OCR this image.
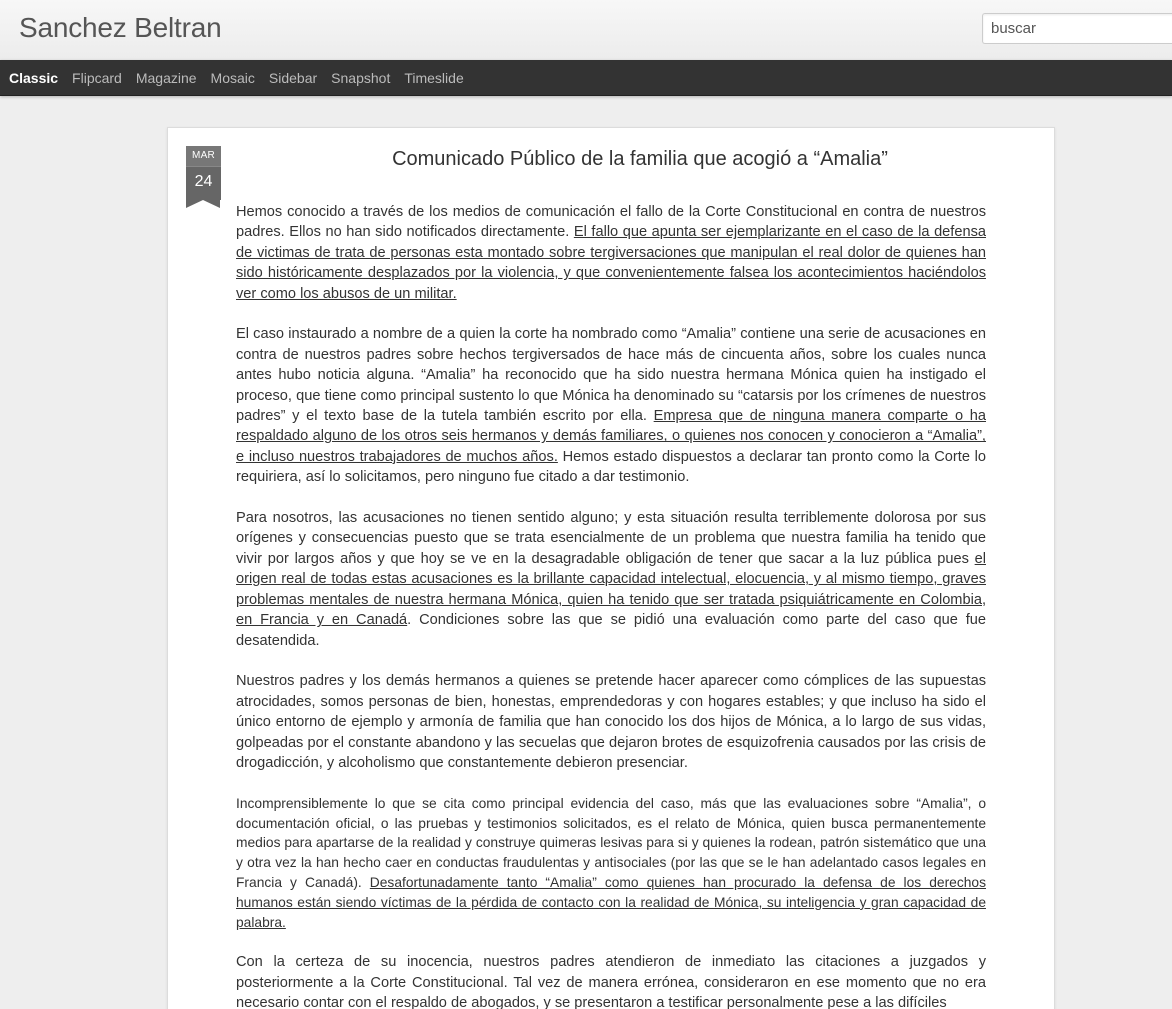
Sanchez Beltran
buscar
Classic Flipcard Magazine Mosaic Sidebar Snapshot Timeslide
MAR
24
Comunicado Público de la familia que acogió a “Amalia”

Hemos conocido a través de los medios de comunicación el fallo de la Corte Constitucional en contra de nuestros padres. Ellos no han sido notificados directamente. El fallo que apunta ser ejemplarizante en el caso de la defensa de victimas de trata de personas esta montado sobre tergiversaciones que manipulan el real dolor de quienes han sido históricamente desplazados por la violencia, y que convenientemente falsea los acontecimientos haciéndolos ver como los abusos de un militar.

El caso instaurado a nombre de a quien la corte ha nombrado como “Amalia” contiene una serie de acusaciones en contra de nuestros padres sobre hechos tergiversados de hace más de cincuenta años, sobre los cuales nunca antes hubo noticia alguna. “Amalia” ha reconocido que ha sido nuestra hermana Mónica quien ha instigado el proceso, que tiene como principal sustento lo que Mónica ha denominado su “catarsis por los crímenes de nuestros padres” y el texto base de la tutela también escrito por ella. Empresa que de ninguna manera comparte o ha respaldado alguno de los otros seis hermanos y demás familiares, o quienes nos conocen y conocieron a “Amalia”, e incluso nuestros trabajadores de muchos años. Hemos estado dispuestos a declarar tan pronto como la Corte lo requiriera, así lo solicitamos, pero ninguno fue citado a dar testimonio.

Para nosotros, las acusaciones no tienen sentido alguno; y esta situación resulta terriblemente dolorosa por sus orígenes y consecuencias puesto que se trata esencialmente de un problema que nuestra familia ha tenido que vivir por largos años y que hoy se ve en la desagradable obligación de tener que sacar a la luz pública pues el origen real de todas estas acusaciones es la brillante capacidad intelectual, elocuencia, y al mismo tiempo, graves problemas mentales de nuestra hermana Mónica, quien ha tenido que ser tratada psiquiátricamente en Colombia, en Francia y en Canadá. Condiciones sobre las que se pidió una evaluación como parte del caso que fue desatendida.

Nuestros padres y los demás hermanos a quienes se pretende hacer aparecer como cómplices de las supuestas atrocidades, somos personas de bien, honestas, emprendedoras y con hogares estables; y que incluso ha sido el único entorno de ejemplo y armonía de familia que han conocido los dos hijos de Mónica, a lo largo de sus vidas, golpeadas por el constante abandono y las secuelas que dejaron brotes de esquizofrenia causados por las crisis de drogadicción, y alcoholismo que constantemente debieron presenciar.

Incomprensiblemente lo que se cita como principal evidencia del caso, más que las evaluaciones sobre “Amalia”, o documentación oficial, o las pruebas y testimonios solicitados, es el relato de Mónica, quien busca permanentemente medios para apartarse de la realidad y construye quimeras lesivas para si y quienes la rodean, patrón sistemático que una y otra vez la han hecho caer en conductas fraudulentas y antisociales (por las que se le han adelantado casos legales en Francia y Canadá). Desafortunadamente tanto “Amalia” como quienes han procurado la defensa de los derechos humanos están siendo víctimas de la pérdida de contacto con la realidad de Mónica, su inteligencia y gran capacidad de palabra.

Con la certeza de su inocencia, nuestros padres atendieron de inmediato las citaciones a juzgados y posteriormente a la Corte Constitucional. Tal vez de manera errónea, consideraron en ese momento que no era necesario contar con el respaldo de abogados, y se presentaron a testificar personalmente pese a las difíciles
